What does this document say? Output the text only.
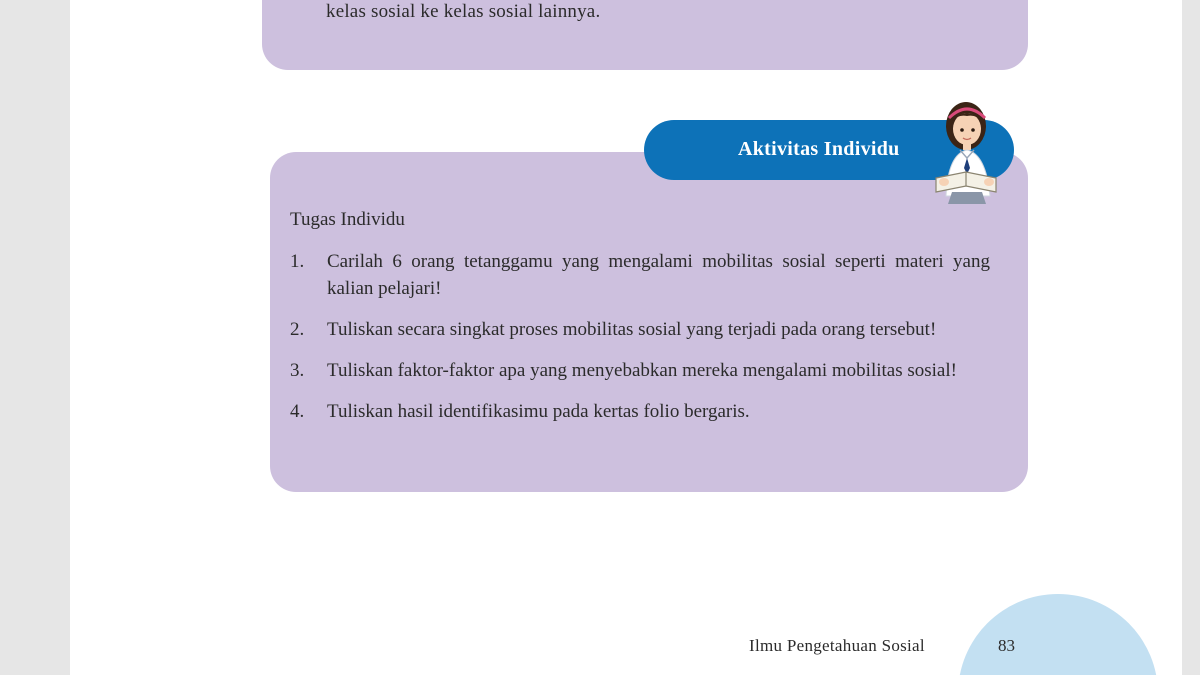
kelas sosial ke kelas sosial lainnya.
Aktivitas Individu
Tugas Individu
1. Carilah 6 orang tetanggamu yang mengalami mobilitas sosial seperti materi yang kalian pelajari!
2. Tuliskan secara singkat proses mobilitas sosial yang terjadi pada orang tersebut!
3. Tuliskan faktor-faktor apa yang menyebabkan mereka mengalami mobilitas sosial!
4. Tuliskan hasil identifikasimu pada kertas folio bergaris.
Ilmu Pengetahuan Sosial	83
